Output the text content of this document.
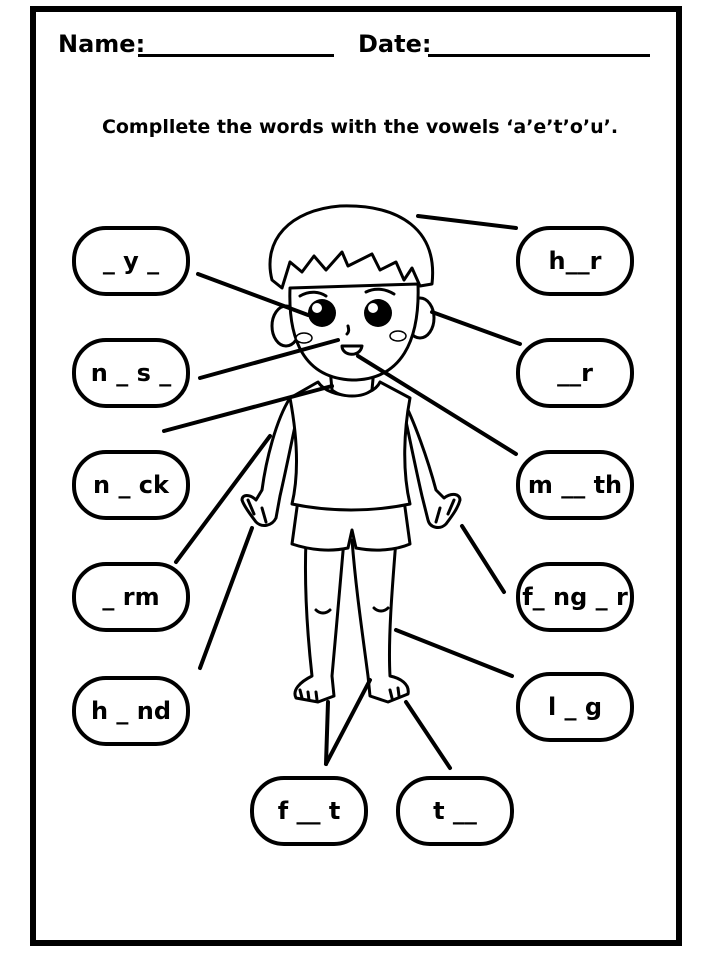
Name:	Date:
Compllete the words with the vowels ‘a’e’t’o’u’.
_ y _
n _ s _
n _ ck
_ rm
h _ nd
h__r
__r
m __ th
f_ ng _ r
l _ g
f __ t	t __
